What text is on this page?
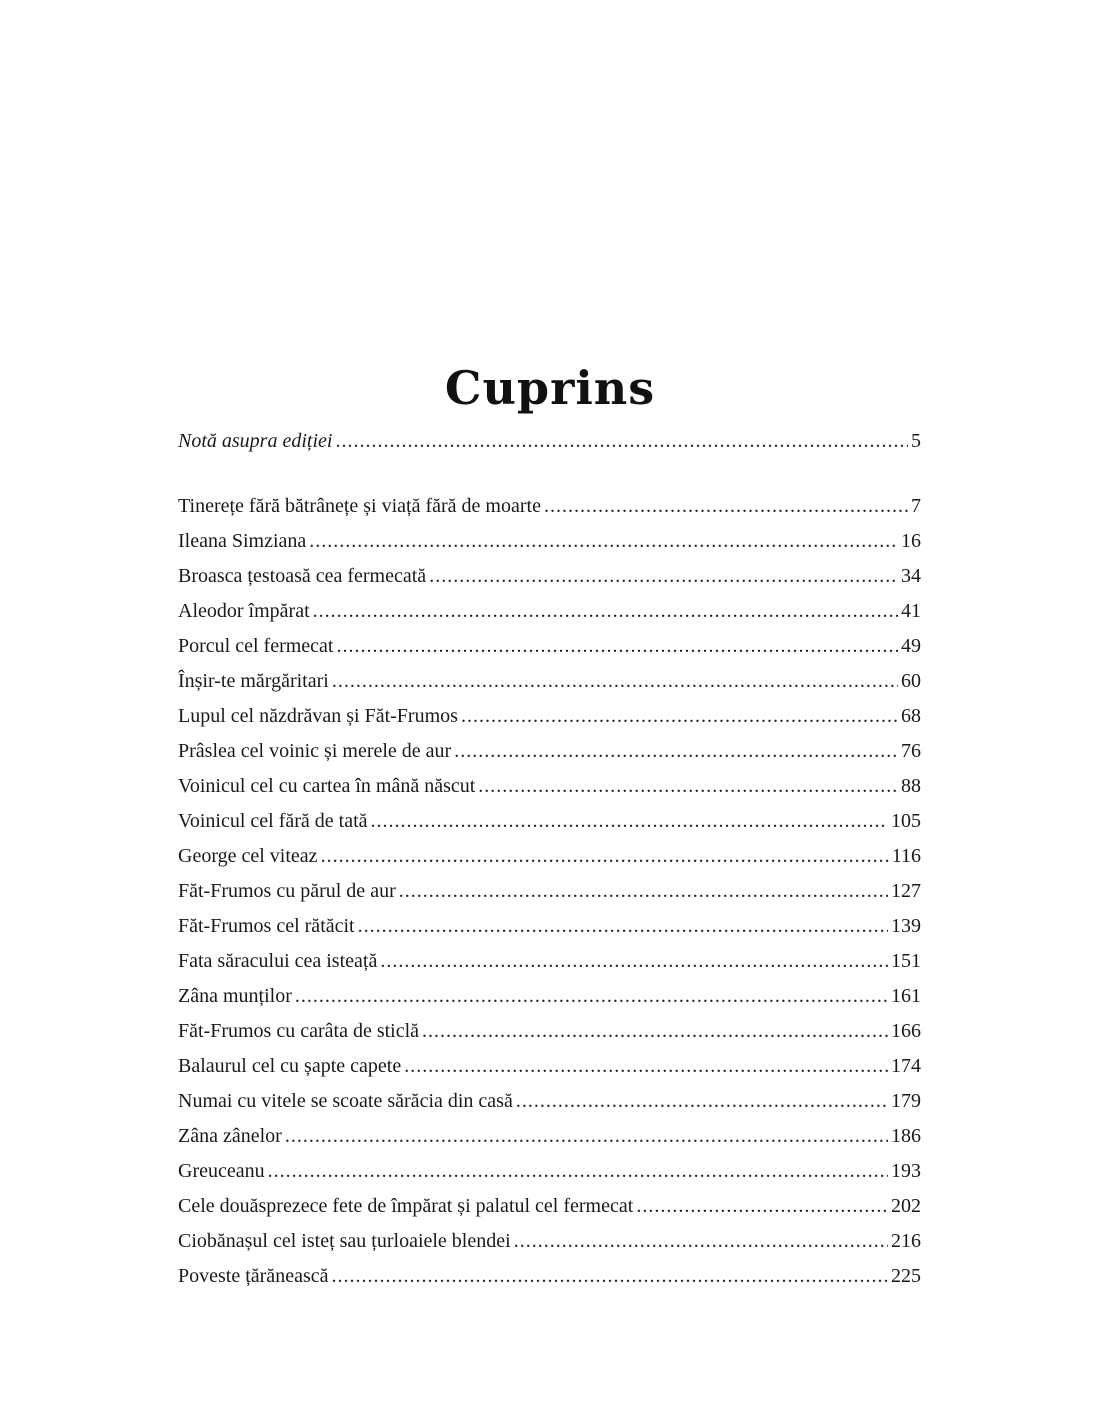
Cuprins
Notă asupra ediției .....	5
Tinerețe fără bătrânețe și viață fără de moarte .....	7
Ileana Simziana .....	16
Broasca țestoasă cea fermecată .....	34
Aleodor împărat .....	41
Porcul cel fermecat .....	49
Înșir-te mărgăritari .....	60
Lupul cel năzdrăvan și Făt-Frumos .....	68
Prâslea cel voinic și merele de aur .....	76
Voinicul cel cu cartea în mână născut .....	88
Voinicul cel fără de tată .....	105
George cel viteaz .....	116
Făt-Frumos cu părul de aur .....	127
Făt-Frumos cel rătăcit .....	139
Fata săracului cea isteață .....	151
Zâna munților .....	161
Făt-Frumos cu carâta de sticlă .....	166
Balaurul cel cu șapte capete .....	174
Numai cu vitele se scoate sărăcia din casă .....	179
Zâna zânelor .....	186
Greuceanu .....	193
Cele douăsprezece fete de împărat și palatul cel fermecat .....	202
Ciobănașul cel isteț sau țurloaiele blendei .....	216
Poveste țărănească .....	225
